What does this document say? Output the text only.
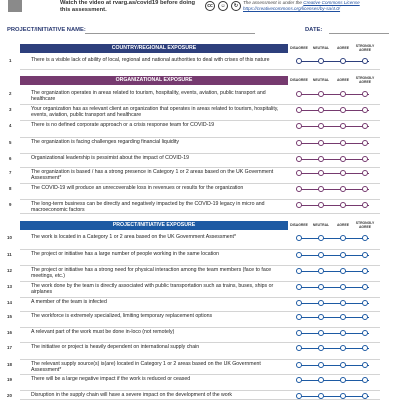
Watch the video at rvarg.as/covid19 before doing this assessment.
cc	☺	↻	The assessment is under the Creative Commons License
https://creativecommons.org/licenses/by-sa/4.0/
PROJECT/INITIATIVE NAME:	DATE:
COUNTRY/REGIONAL EXPOSURE	DISAGREE	NEUTRAL	AGREE	STRONGLY AGREE
1	There is a visible lack of ability of local, regional and national authorities to deal with crises of this nature
ORGANIZATIONAL EXPOSURE	DISAGREE	NEUTRAL	AGREE	STRONGLY AGREE
2	The organization operates in areas related to tourism, hospitality, events, aviation, public transport and healthcare
3	Your organization has as relevant client an organization that operates in areas related to tourism, hospitality, events, aviation, public transport and healthcare
4	There is no defined corporate approach or a crisis response team for COVID-19
5	The organization is facing challenges regarding financial liquidity
6	Organizational leadership is pessimist about the impact of COVID-19
7	The organization is based / has a strong presence in Category 1 or 2 areas based on the UK Government Assessment*
8	The COVID-19 will produce an unrecoverable loss in revenues or results for the organization
9	The long-term business can be directly and negatively impacted by the COVID-19 legacy in micro and macroeconomic factors
PROJECT/INITIATIVE EXPOSURE	DISAGREE	NEUTRAL	AGREE	STRONGLY AGREE
10	The work is located in a Category 1 or 2 area based on the UK Government Assessment*
11	The project or initiative has a large number of people working in the same location
12	The project or initiative has a strong need for physical interaction among the team members (face to face meetings, etc.)
13	The work done by the team is directly associated with public transportation such as trains, buses, ships or airplanes
14	A member of the team is infected
15	The workforce is extremely specialized, limiting temporary replacement options
16	A relevant part of the work must be done in-loco (not remotely)
17	The initiative or project is heavily dependent on international supply chain
18	The relevant supply source(s) is(are) located in Category 1 or 2 areas based on the UK Government Assessment*
19	There will be a large negative impact if the work is reduced or ceased
20	Disruption in the supply chain will have a severe impact on the development of the work
